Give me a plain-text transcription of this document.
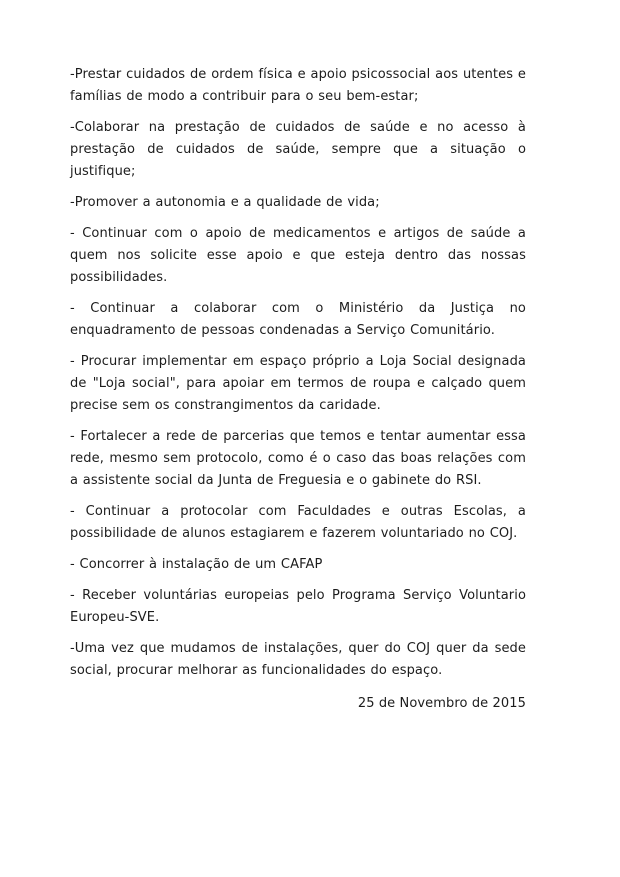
-Prestar cuidados de ordem física e apoio psicossocial aos utentes e famílias de modo a contribuir para o seu bem-estar;

-Colaborar na prestação de cuidados de saúde e no acesso à prestação de cuidados de saúde, sempre que a situação o justifique;

-Promover a autonomia e a qualidade de vida;

- Continuar com o apoio de medicamentos e artigos de saúde a quem nos solicite esse apoio e que esteja dentro das nossas possibilidades.

- Continuar a colaborar com o Ministério da Justiça no enquadramento de pessoas condenadas a Serviço Comunitário.

- Procurar implementar em espaço próprio a Loja Social designada de "Loja social", para apoiar em termos de roupa e calçado quem precise sem os constrangimentos da caridade.

- Fortalecer a rede de parcerias que temos e tentar aumentar essa rede, mesmo sem protocolo, como é o caso das boas relações com a assistente social da Junta de Freguesia e o gabinete do RSI.

- Continuar a protocolar com Faculdades e outras Escolas, a possibilidade de alunos estagiarem e fazerem voluntariado no COJ.

- Concorrer à instalação de um CAFAP

- Receber voluntárias europeias pelo Programa Serviço Voluntario Europeu-SVE.

-Uma vez que mudamos de instalações, quer do COJ quer da sede social, procurar melhorar as funcionalidades do espaço.

25 de Novembro de 2015
